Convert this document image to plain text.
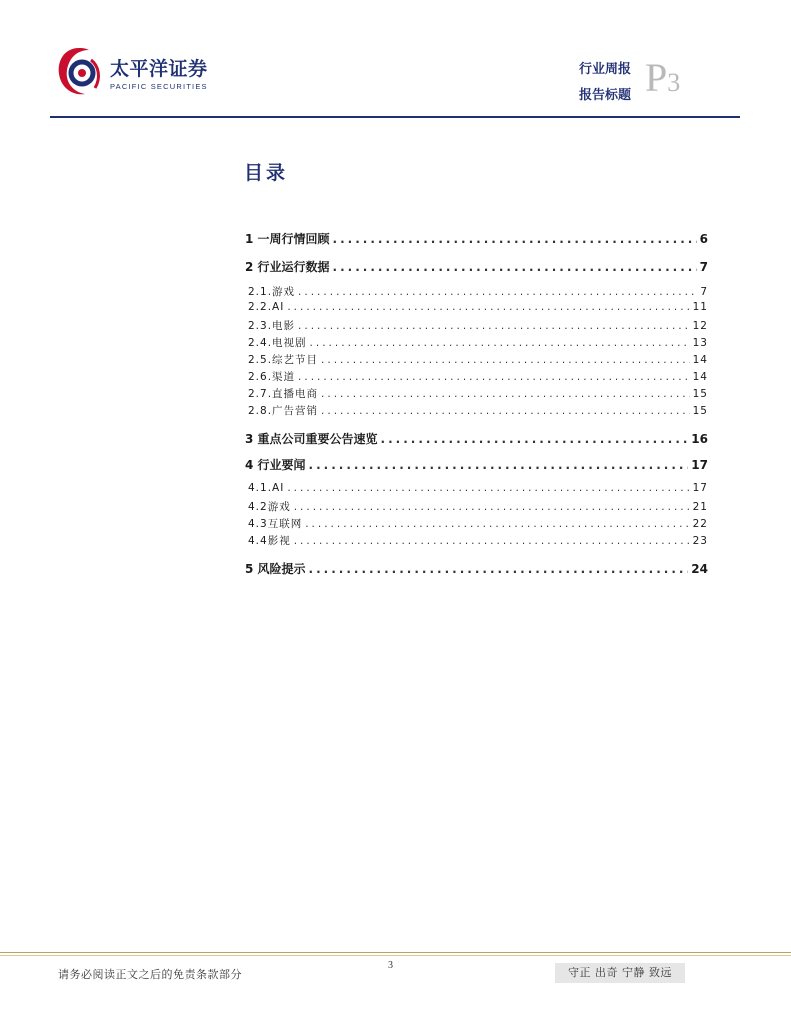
太平洋证券
PACIFIC SECURITIES
行业周报
报告标题 P3
目录
1 一周行情回顾 .....	6
2 行业运行数据 .....	7
2.1.游戏 .....	7
2.2.AI .....	11
2.3.电影 .....	12
2.4.电视剧 .....	13
2.5.综艺节目 .....	14
2.6.渠道 .....	14
2.7.直播电商 .....	15
2.8.广告营销 .....	15
3 重点公司重要公告速览 .....	16
4 行业要闻 .....	17
4.1.AI .....	17
4.2游戏 .....	21
4.3互联网 .....	22
4.4影视 .....	23
5 风险提示 .....	24
请务必阅读正文之后的免责条款部分
3
守正 出奇 宁静 致远
